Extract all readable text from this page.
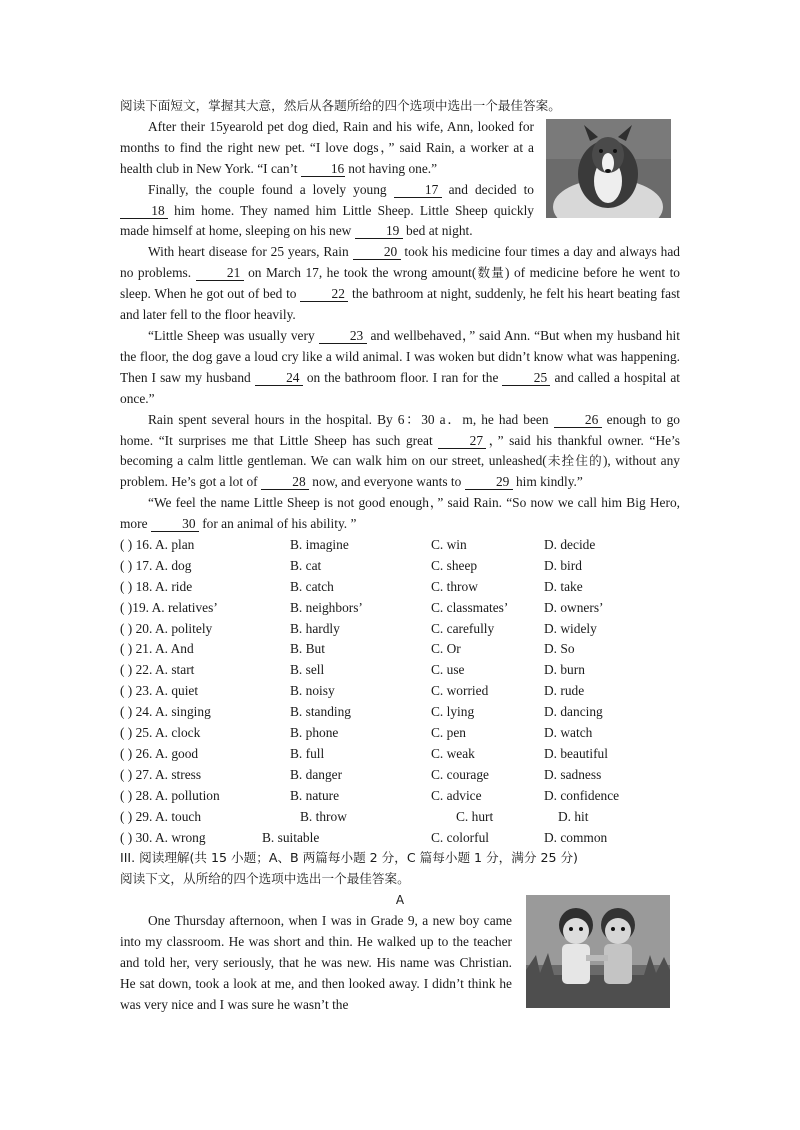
阅读下面短文，掌握其大意，然后从各题所给的四个选项中选出一个最佳答案。

After their 15yearold pet dog died, Rain and his wife, Ann, looked for months to find the right new pet. “I love dogs，” said Rain, a worker at a health club in New York. “I can’t 16 not having one.”

Finally, the couple found a lovely young 17 and decided to 18 him home. They named him Little Sheep. Little Sheep quickly made himself at home, sleeping on his new 19 bed at night.

With heart disease for 25 years, Rain 20 took his medicine four times a day and always had no problems. 21 on March 17, he took the wrong amount(数量) of medicine before he went to sleep. When he got out of bed to 22 the bathroom at night, suddenly, he felt his heart beating fast and later fell to the floor heavily.

“Little Sheep was usually very 23 and wellbehaved，” said Ann. “But when my husband hit the floor, the dog gave a loud cry like a wild animal. I was woken but didn’t know what was happening. Then I saw my husband 24 on the bathroom floor. I ran for the 25 and called a hospital at once.”

Rain spent several hours in the hospital. By 6：30 a．m, he had been 26 enough to go home. “It surprises me that Little Sheep has such great 27 ，” said his thankful owner. “He’s becoming a calm little gentleman. We can walk him on our street, unleashed(未拴住的), without any problem. He’s got a lot of 28 now, and everyone wants to 29 him kindly.”

“We feel the name Little Sheep is not good enough，” said Rain. “So now we call him Big Hero, more 30 for an animal of his ability. ”

( ) 16. A. plan	B. imagine	C. win	D. decide
( ) 17. A. dog	B. cat	C. sheep	D. bird
( ) 18. A. ride	B. catch	C. throw	D. take
( )19. A. relatives’	B. neighbors’	C. classmates’	D. owners’
( ) 20. A. politely	B. hardly	C. carefully	D. widely
( ) 21. A. And	B. But	C. Or	D. So
( ) 22. A. start	B. sell	C. use	D. burn
( ) 23. A. quiet	B. noisy	C. worried	D. rude
( ) 24. A. singing	B. standing	C. lying	D. dancing
( ) 25. A. clock	B. phone	C. pen	D. watch
( ) 26. A. good	B. full	C. weak	D. beautiful
( ) 27. A. stress	B. danger	C. courage	D. sadness
( ) 28. A. pollution	B. nature	C. advice	D. confidence
( ) 29. A. touch	B. throw	C. hurt	D. hit
( ) 30. A. wrong	B. suitable	C. colorful	D. common

III. 阅读理解(共 15 小题；A、B 两篇每小题 2 分，C 篇每小题 1 分，满分 25 分)

阅读下文，从所给的四个选项中选出一个最佳答案。

A

One Thursday afternoon, when I was in Grade 9, a new boy came into my classroom. He was short and thin. He walked up to the teacher and told her, very seriously, that he was new. His name was Christian. He sat down, took a look at me, and then looked away. I didn’t think he was very nice and I was sure he wasn’t the
